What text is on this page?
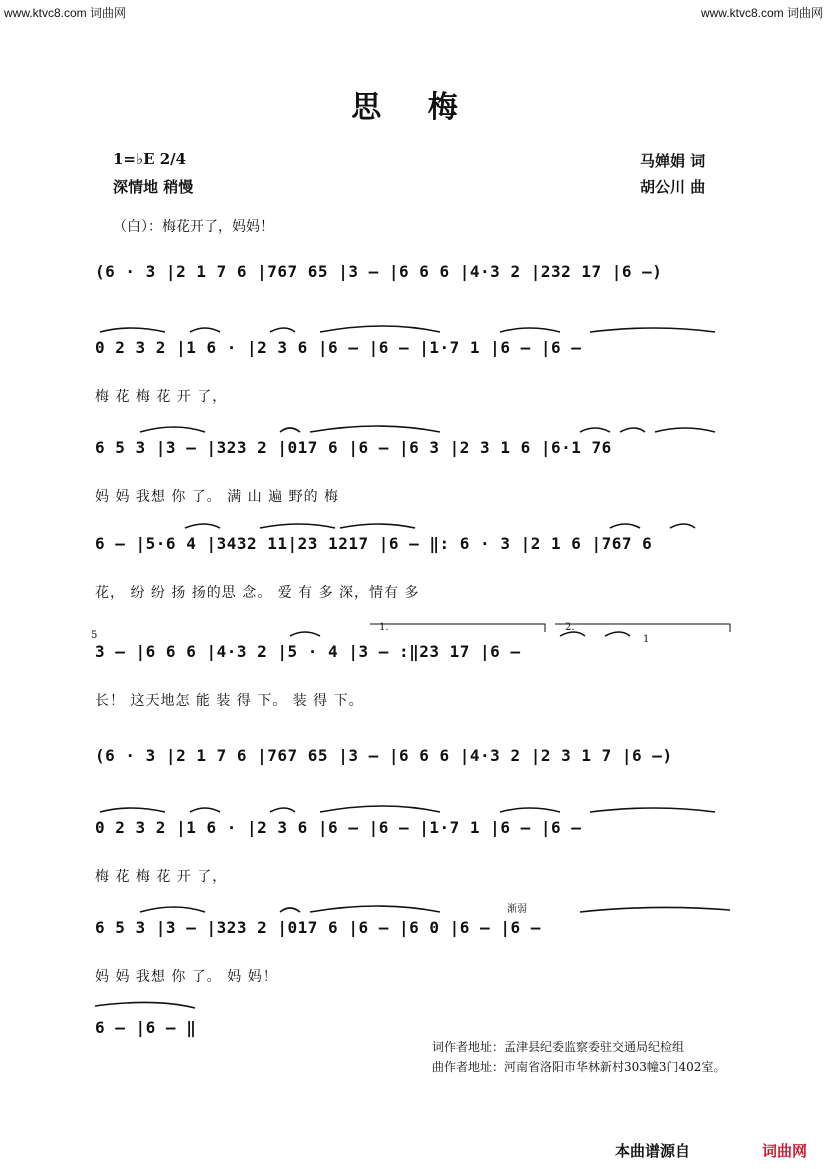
www.ktvc8.com 词曲网	www.ktvc8.com 词曲网
思 梅
1=♭E 2/4
深情地 稍慢
马婵娟 词
胡公川 曲
（白）：梅花开了，妈妈！
(6 · 3 |2 1 7 6 |767 65 |3 — |6 6 6 |4·3 2 |232 17 |6 —)
0 2 3 2 |1 6 · |2 3 6 |6 — |6 — |1·7 1 |6 — |6 —
梅 花 梅 花 开 了，
6 5 3 |3 — |323 2 |017 6 |6 — |6 3 |2 3 1 6 |6·1 76
妈 妈 我想 你 了。 满 山 遍 野的 梅
6 — |5·6 4 |3432 11|23 1217 |6 — ‖: 6 · 3 |2 1 6 |767 6
花， 纷 纷 扬 扬的思 念。 爱 有 多 深，情有 多
1.	2.
5	1
3 — |6 6 6 |4·3 2 |5 · 4 |3 — :‖23 17 |6 —
长！ 这天地怎 能 装 得 下。 装 得 下。
(6 · 3 |2 1 7 6 |767 65 |3 — |6 6 6 |4·3 2 |2 3 1 7 |6 —)
0 2 3 2 |1 6 · |2 3 6 |6 — |6 — |1·7 1 |6 — |6 —
梅 花 梅 花 开 了，
渐弱
6 5 3 |3 — |323 2 |017 6 |6 — |6 0 |6 — |6 —
妈 妈 我想 你 了。 妈 妈！
6 — |6 — ‖
词作者地址：孟津县纪委监察委驻交通局纪检组
曲作者地址：河南省洛阳市华林新村303幢3门402室。
本曲谱源自	词曲网
